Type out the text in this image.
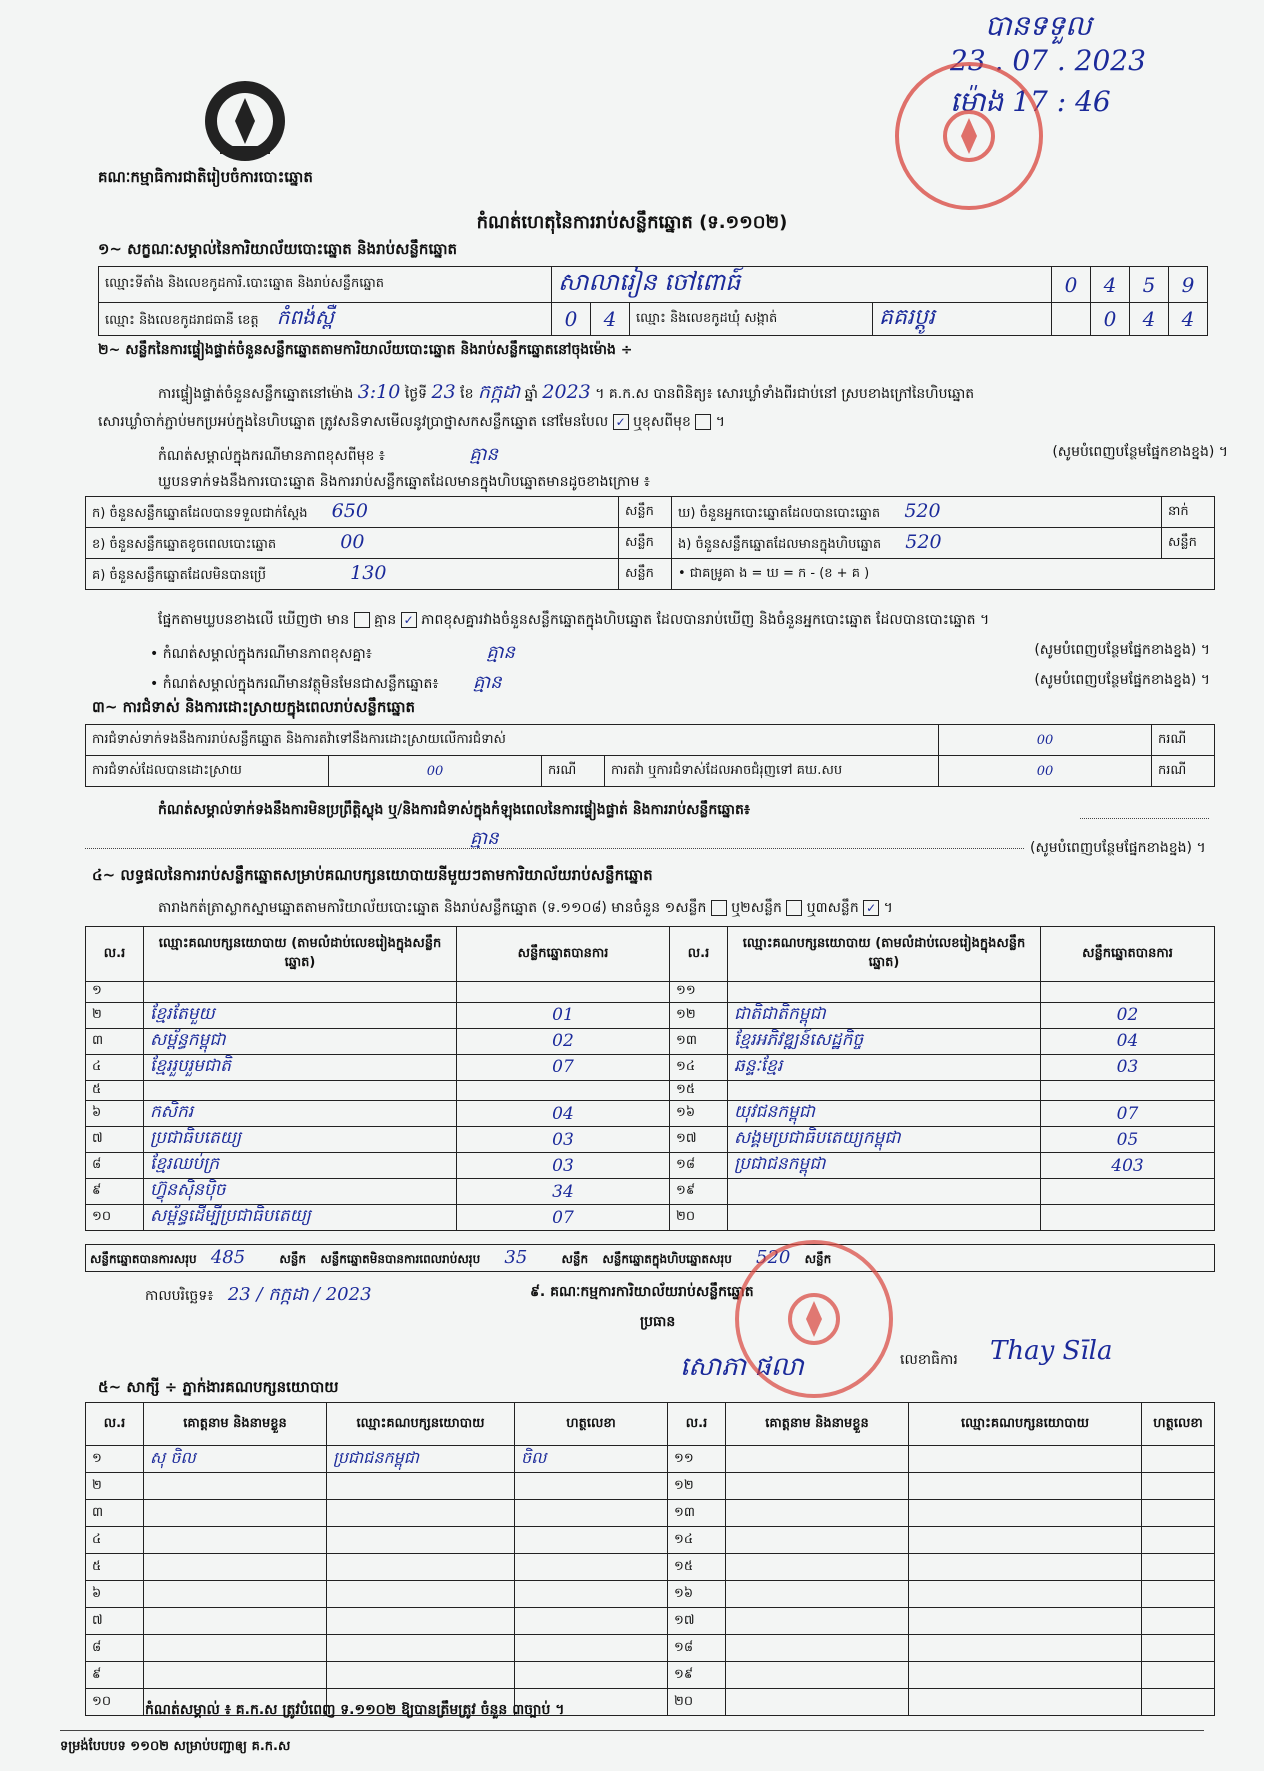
គណៈកម្មាធិការជាតិរៀបចំការបោះឆ្នោត
បានទទួល
23 . 07 . 2023
ម៉ោង 17 : 46
កំណត់ហេតុនៃការរាប់សន្លឹកឆ្នោត (ទ.១១០២)
១~ សក្ខណៈសម្គាល់នៃការិយាល័យបោះឆ្នោត និងរាប់សន្លឹកឆ្នោត
ឈ្មោះទីតាំង និងលេខកូដការិ.បោះឆ្នោត និងរាប់សន្លឹកឆ្នោត	សាលារៀន ចៅពោធ៍				0	4	5	9
ឈ្មោះ និងលេខកូដរាជធានី ខេត្ត កំពង់ស្ពឺ	0	4	ឈ្មោះ និងលេខកូដឃុំ សង្កាត់	គគរប្តូរ		0	4	4
២~ សន្លឹកនៃការផ្ទៀងផ្ទាត់ចំនួនសន្លឹកឆ្នោតតាមការិយាល័យបោះឆ្នោត និងរាប់សន្លឹកឆ្នោតនៅចុងម៉ោង ÷
ការផ្ទៀងផ្ទាត់ចំនួនសន្លឹកឆ្នោតនៅម៉ោង 3:10 ថ្ងៃទី 23 ខែ កក្កដា ឆ្នាំ 2023 ។ គ.ក.ស បានពិនិត្យ៖ សោរឃ្លាំទាំងពីរជាប់នៅ ស្របខាងក្រៅនៃហិបឆ្នោត
សោរឃ្លាំចាក់ភ្ជាប់មកប្រអប់ក្នុងនៃហិបឆ្នោត ត្រូវសនិទាសមើលនូវប្រាថ្នាសកសន្លឹកឆ្នោត នៅមែនបែល ✓ ឬខុសពីមុខ  ។
កំណត់សម្គាល់ក្នុងករណីមានភាពខុសពីមុខ ៖	គ្មាន	(សូមបំពេញបន្ថែមផ្នែកខាងខ្នង) ។
ឃ្លបនទាក់ទងនឹងការបោះឆ្នោត និងការរាប់សន្លឹកឆ្នោតដែលមានក្នុងហិបឆ្នោតមានដូចខាងក្រោម ៖
ក) ចំនួនសន្លឹកឆ្នោតដែលបានទទួលជាក់ស្តែង 650	សន្លឹក	ឃ) ចំនួនអ្នកបោះឆ្នោតដែលបានបោះឆ្នោត 520	នាក់
ខ) ចំនួនសន្លឹកឆ្នោតខូចពេលបោះឆ្នោត 00	សន្លឹក	ង) ចំនួនសន្លឹកឆ្នោតដែលមានក្នុងហិបឆ្នោត 520	សន្លឹក
គ) ចំនួនសន្លឹកឆ្នោតដែលមិនបានប្រើ 130	សន្លឹក	• ជាគម្រូគា ង = ឃ = ក - (ខ + គ )	
ផ្នែកតាមឃ្លបនខាងលើ ឃើញថា មាន គ្មាន ✓ ភាពខុសគ្នារវាងចំនួនសន្លឹកឆ្នោតក្នុងហិបឆ្នោត ដែលបានរាប់ឃើញ និងចំនួនអ្នកបោះឆ្នោត ដែលបានបោះឆ្នោត ។
• កំណត់សម្គាល់ក្នុងករណីមានភាពខុសគ្នា៖	គ្មាន	(សូមបំពេញបន្ថែមផ្នែកខាងខ្នង) ។
• កំណត់សម្គាល់ក្នុងករណីមានវត្ថុមិនមែនជាសន្លឹកឆ្នោត៖ គ្មាន	(សូមបំពេញបន្ថែមផ្នែកខាងខ្នង) ។
៣~ ការជំទាស់ និងការដោះស្រាយក្នុងពេលរាប់សន្លឹកឆ្នោត
ការជំទាស់ទាក់ទងនឹងការរាប់សន្លឹកឆ្នោត និងការតវ៉ាទៅនឹងការដោះស្រាយលើការជំទាស់				00	ករណី
ការជំទាស់ដែលបានដោះស្រាយ	00	ករណី	ការតវ៉ា ឬការជំទាស់ដែលអាចជំរុញទៅ គឃ.សប	00	ករណី
កំណត់សម្គាល់ទាក់ទងនឹងការមិនប្រព្រឹត្តិស្លុង ឬ/និងការជំទាស់ក្នុងកំឡុងពេលនៃការផ្ទៀងផ្ទាត់ និងការរាប់សន្លឹកឆ្នោត៖
គ្មាន	(សូមបំពេញបន្ថែមផ្នែកខាងខ្នង) ។
៤~ លទ្ធផលនៃការរាប់សន្លឹកឆ្នោតសម្រាប់គណបក្សនយោបាយនីមួយៗតាមការិយាល័យរាប់សន្លឹកឆ្នោត
តារាងកត់ត្រាស្លាកស្នាមឆ្នោតតាមការិយាល័យបោះឆ្នោត និងរាប់សន្លឹកឆ្នោត (ទ.១១០៨) មានចំនួន ១សន្លឹក ឬ២សន្លឹក ឬ៣សន្លឹក ✓ ។
ល.រ	ឈ្មោះគណបក្សនយោបាយ (តាមលំដាប់លេខរៀងក្នុងសន្លឹកឆ្នោត)	សន្លឹកឆ្នោតបានការ	ល.រ	ឈ្មោះគណបក្សនយោបាយ (តាមលំដាប់លេខរៀងក្នុងសន្លឹកឆ្នោត)	សន្លឹកឆ្នោតបានការ
១			១១		
២	ខ្មែរតែមួយ	01	១២	ជាតិជាតិកម្ពុជា	02
៣	សម្ព័ន្ធកម្ពុជា	02	១៣	ខ្មែរអភិវឌ្ឍន៍សេដ្ឋកិច្ច	04
៤	ខ្មែររួបរួមជាតិ	07	១៤	ឆន្ទៈខ្មែរ	03
៥			១៥		
៦	កសិករ	04	១៦	យុវជនកម្ពុជា	07
៧	ប្រជាធិបតេយ្យ	03	១៧	សង្គមប្រជាធិបតេយ្យកម្ពុជា	05
៨	ខ្មែរឈប់ក្រ	03	១៨	ប្រជាជនកម្ពុជា	403
៩	ហ៊្វុនស៊ិនប៉ិច	34	១៩		
១០	សម្ព័ន្ធដើម្បីប្រជាធិបតេយ្យ	07	២០		
សន្លឹកឆ្នោតបានការសរុប 485	សន្លឹក សន្លឹកឆ្នោតមិនបានការពេលរាប់សរុប 35	សន្លឹក សន្លឹកឆ្នោតក្នុងហិបឆ្នោតសរុប 520 សន្លឹក
កាលបរិច្ឆេទ៖ 23 / កក្កដា / 2023	៩. គណៈកម្មការការិយាល័យរាប់សន្លឹកឆ្នោត
ប្រធាន
សោភា ផលា	លេខាធិការ Thay Sīla
៥~ សាក្សី ÷ ភ្នាក់ងារគណបក្សនយោបាយ
ល.រ	គោត្តនាម និងនាមខ្លួន	ឈ្មោះគណបក្សនយោបាយ	ហត្ថលេខា	ល.រ	គោត្តនាម និងនាមខ្លួន	ឈ្មោះគណបក្សនយោបាយ	ហត្ថលេខា
១	សុ ចិល	ប្រជាជនកម្ពុជា	ចិល	១១			
២				១២			
៣				១៣			
៤				១៤			
៥				១៥			
៦				១៦			
៧				១៧			
៨				១៨			
៩				១៩			
១០				២០			
កំណត់សម្គាល់ ៖ គ.ក.ស ត្រូវបំពេញ ទ.១១០២ ឱ្យបានត្រឹមត្រូវ ចំនួន ៣ច្បាប់ ។
ទម្រង់បែបបទ ១១០២ សម្រាប់បញ្ជាឲ្យ គ.ក.ស
